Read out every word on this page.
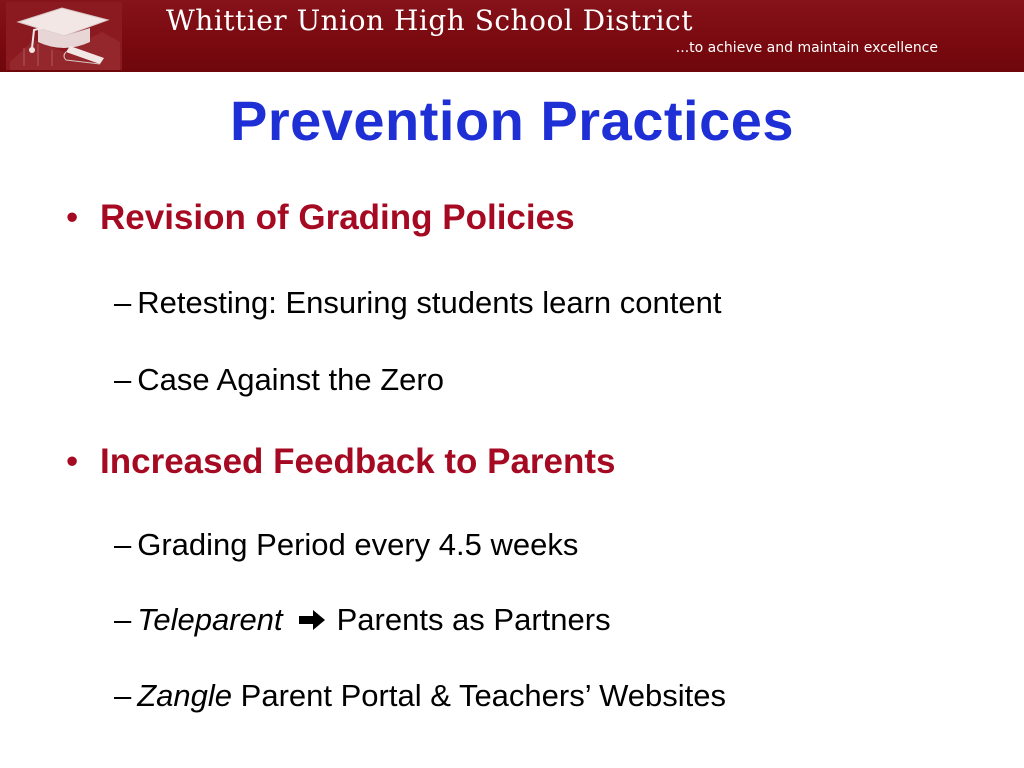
Whittier Union High School District
...to achieve and maintain excellence
Prevention Practices
• Revision of Grading Policies
– Retesting: Ensuring students learn content
– Case Against the Zero
• Increased Feedback to Parents
– Grading Period every 4.5 weeks
– Teleparent Parents as Partners
– Zangle Parent Portal & Teachers’ Websites
